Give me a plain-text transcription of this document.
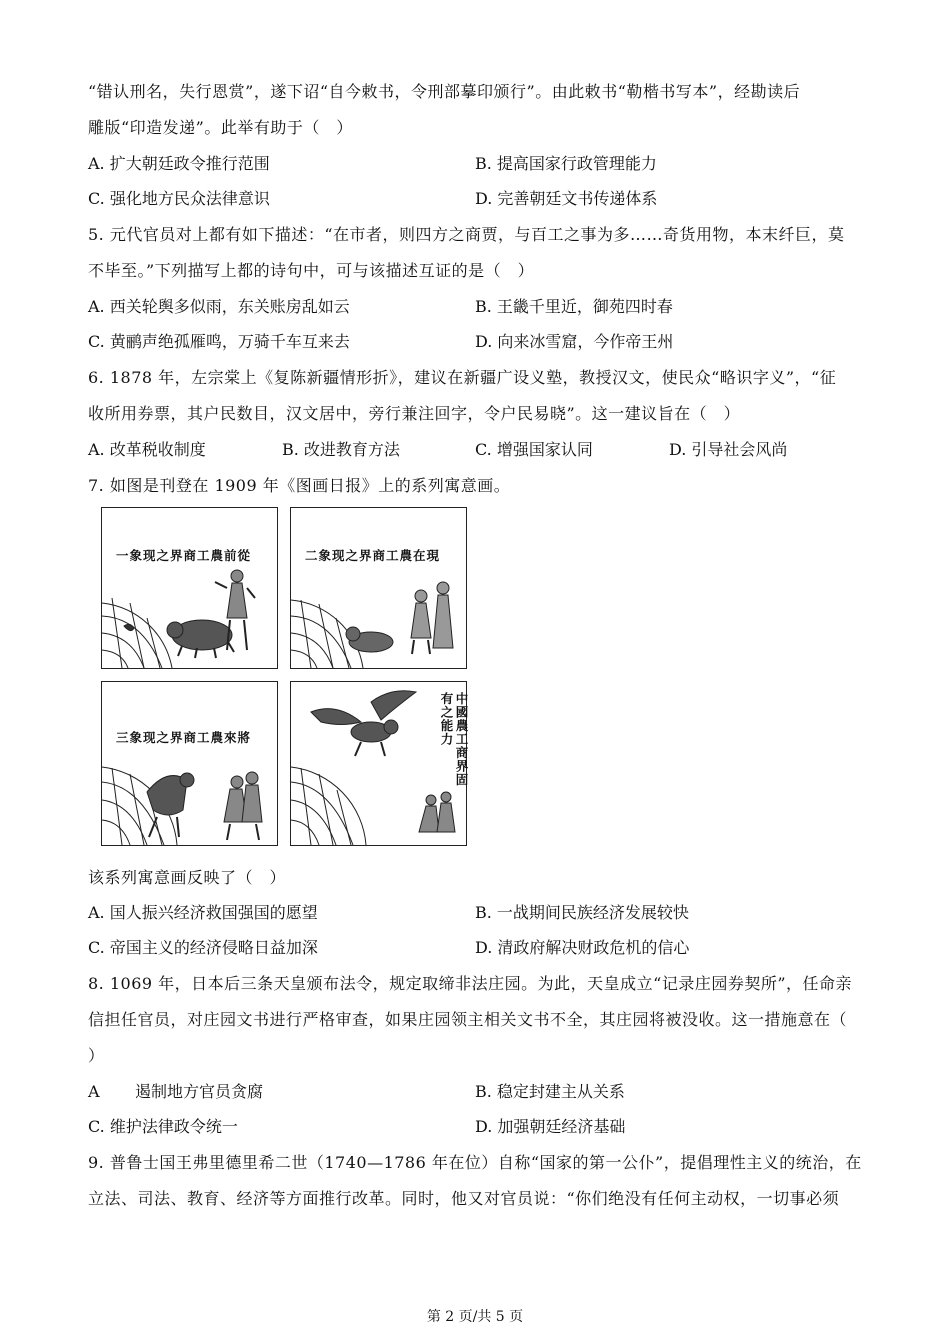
“错认刑名，失行恩赏”，遂下诏“自今敕书，令刑部摹印颁行”。由此敕书“勒楷书写本”，经勘读后
雕版“印造发递”。此举有助于（　）
A. 扩大朝廷政令推行范围	B. 提高国家行政管理能力
C. 强化地方民众法律意识	D. 完善朝廷文书传递体系
5. 元代官员对上都有如下描述：“在市者，则四方之商贾，与百工之事为多……奇货用物，本末纤巨，莫
不毕至。”下列描写上都的诗句中，可与该描述互证的是（　）
A. 西关轮舆多似雨，东关账房乱如云	B. 王畿千里近，御苑四时春
C. 黄鹂声绝孤雁鸣，万骑千车互来去	D. 向来冰雪窟，今作帝王州
6. 1878 年，左宗棠上《复陈新疆情形折》，建议在新疆广设义塾，教授汉文，使民众“略识字义”，“征
收所用券票，其户民数目，汉文居中，旁行兼注回字，令户民易晓”。这一建议旨在（　）
A. 改革税收制度	B. 改进教育方法	C. 增强国家认同	D. 引导社会风尚
7. 如图是刊登在 1909 年《图画日报》上的系列寓意画。
一象现之界商工農前從	二象现之界商工農在現
三象现之界商工農來將	中國農工商界固有之能力
该系列寓意画反映了（　）
A. 国人振兴经济救国强国的愿望	B. 一战期间民族经济发展较快
C. 帝国主义的经济侵略日益加深	D. 清政府解决财政危机的信心
8. 1069 年，日本后三条天皇颁布法令，规定取缔非法庄园。为此，天皇成立“记录庄园券契所”，任命亲
信担任官员，对庄园文书进行严格审查，如果庄园领主相关文书不全，其庄园将被没收。这一措施意在（
）
A 遏制地方官员贪腐	B. 稳定封建主从关系
C. 维护法律政令统一	D. 加强朝廷经济基础
9. 普鲁士国王弗里德里希二世（1740—1786 年在位）自称“国家的第一公仆”，提倡理性主义的统治，在
立法、司法、教育、经济等方面推行改革。同时，他又对官员说：“你们绝没有任何主动权，一切事必须
第 2 页/共 5 页
